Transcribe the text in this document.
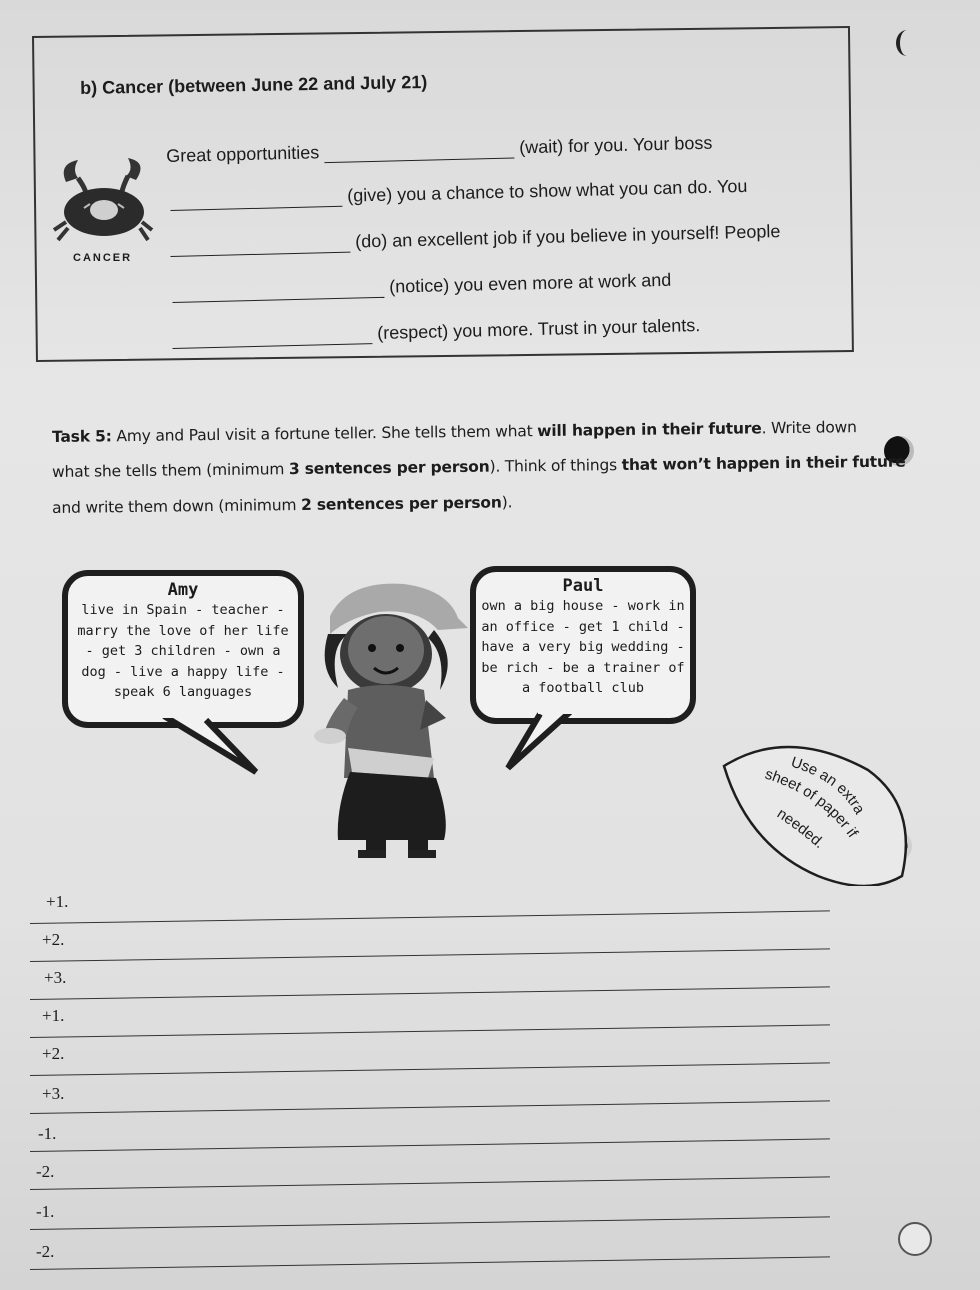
b) Cancer (between June 22 and July 21)
CANCER
Great opportunities	(wait) for you. Your boss
(give) you a chance to show what you can do. You
(do) an excellent job if you believe in yourself! People
(notice) you even more at work and
(respect) you more. Trust in your talents.
Task 5: Amy and Paul visit a fortune teller. She tells them what will happen in their future. Write down
what she tells them (minimum 3 sentences per person). Think of things that won’t happen in their future
and write them down (minimum 2 sentences per person).
Amy
live in Spain - teacher -
marry the love of her life
- get 3 children - own a
dog - live a happy life -
speak 6 languages
Paul
own a big house - work in
an office - get 1 child -
have a very big wedding -
be rich - be a trainer of
a football club
Use an extra
sheet of paper if
needed.
+1.
+2.
+3.
+1.
+2.
+3.
-1.
-2.
-1.
-2.
